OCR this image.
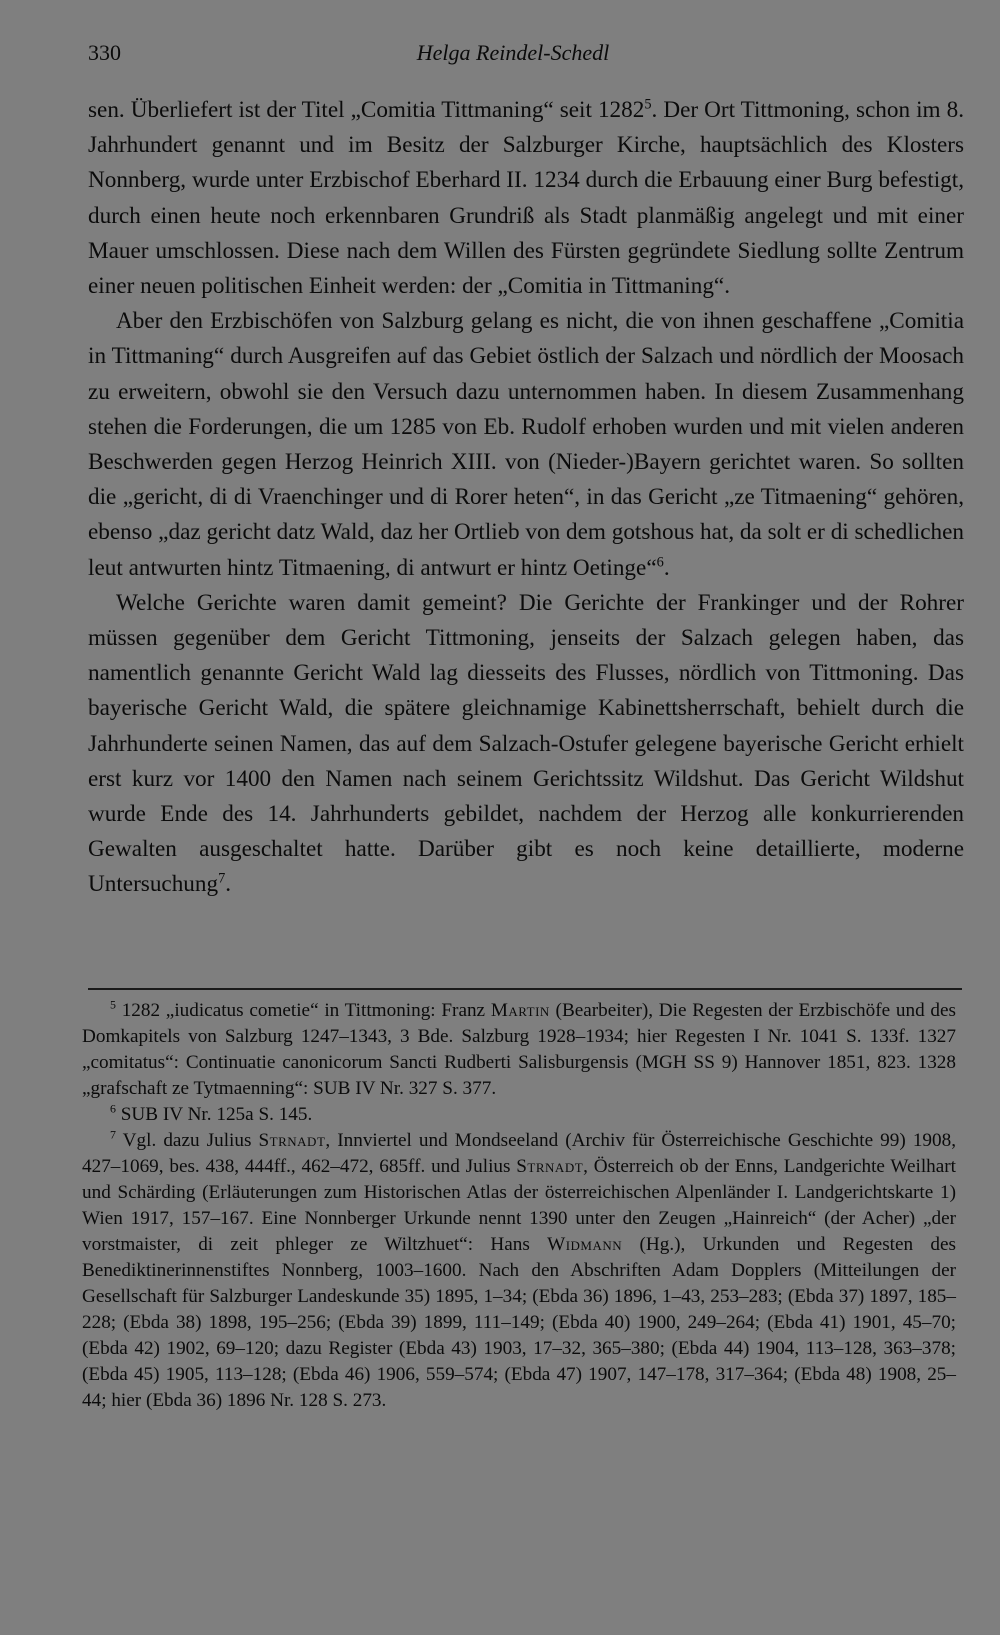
330	Helga Reindel-Schedl

sen. Überliefert ist der Titel „Comitia Tittmaning“ seit 1282$^5$. Der Ort Tittmoning, schon im 8. Jahrhundert genannt und im Besitz der Salzburger Kirche, hauptsächlich des Klosters Nonnberg, wurde unter Erzbischof Eberhard II. 1234 durch die Erbauung einer Burg befestigt, durch einen heute noch erkennbaren Grundriß als Stadt planmäßig angelegt und mit einer Mauer umschlossen. Diese nach dem Willen des Fürsten gegründete Siedlung sollte Zentrum einer neuen politischen Einheit werden: der „Comitia in Tittmaning“.

Aber den Erzbischöfen von Salzburg gelang es nicht, die von ihnen geschaffene „Comitia in Tittmaning“ durch Ausgreifen auf das Gebiet östlich der Salzach und nördlich der Moosach zu erweitern, obwohl sie den Versuch dazu unternommen haben. In diesem Zusammenhang stehen die Forderungen, die um 1285 von Eb. Rudolf erhoben wurden und mit vielen anderen Beschwerden gegen Herzog Heinrich XIII. von (Nieder-)Bayern gerichtet waren. So sollten die „gericht, di di Vraenchinger und di Rorer heten“, in das Gericht „ze Titmaening“ gehören, ebenso „daz gericht datz Wald, daz her Ortlieb von dem gotshous hat, da solt er di schedlichen leut antwurten hintz Titmaening, di antwurt er hintz Oetinge“$^6$.

Welche Gerichte waren damit gemeint? Die Gerichte der Frankinger und der Rohrer müssen gegenüber dem Gericht Tittmoning, jenseits der Salzach gelegen haben, das namentlich genannte Gericht Wald lag diesseits des Flusses, nördlich von Tittmoning. Das bayerische Gericht Wald, die spätere gleichnamige Kabinettsherrschaft, behielt durch die Jahrhunderte seinen Namen, das auf dem Salzach-Ostufer gelegene bayerische Gericht erhielt erst kurz vor 1400 den Namen nach seinem Gerichtssitz Wildshut. Das Gericht Wildshut wurde Ende des 14. Jahrhunderts gebildet, nachdem der Herzog alle konkurrierenden Gewalten ausgeschaltet hatte. Darüber gibt es noch keine detaillierte, moderne Untersuchung$^7$.

$^5$ 1282 „iudicatus cometie“ in Tittmoning: Franz Martin (Bearbeiter), Die Regesten der Erzbischöfe und des Domkapitels von Salzburg 1247–1343, 3 Bde. Salzburg 1928–1934; hier Regesten I Nr. 1041 S. 133f. 1327 „comitatus“: Continuatie canonicorum Sancti Rudberti Salisburgensis (MGH SS 9) Hannover 1851, 823. 1328 „grafschaft ze Tytmaenning“: SUB IV Nr. 327 S. 377.

$^6$ SUB IV Nr. 125a S. 145.

$^7$ Vgl. dazu Julius Strnadt, Innviertel und Mondseeland (Archiv für Österreichische Geschichte 99) 1908, 427–1069, bes. 438, 444ff., 462–472, 685ff. und Julius Strnadt, Österreich ob der Enns, Landgerichte Weilhart und Schärding (Erläuterungen zum Historischen Atlas der österreichischen Alpenländer I. Landgerichtskarte 1) Wien 1917, 157–167. Eine Nonnberger Urkunde nennt 1390 unter den Zeugen „Hainreich“ (der Acher) „der vorstmaister, di zeit phleger ze Wiltzhuet“: Hans Widmann (Hg.), Urkunden und Regesten des Benediktinerinnenstiftes Nonnberg, 1003–1600. Nach den Abschriften Adam Dopplers (Mitteilungen der Gesellschaft für Salzburger Landeskunde 35) 1895, 1–34; (Ebda 36) 1896, 1–43, 253–283; (Ebda 37) 1897, 185–228; (Ebda 38) 1898, 195–256; (Ebda 39) 1899, 111–149; (Ebda 40) 1900, 249–264; (Ebda 41) 1901, 45–70; (Ebda 42) 1902, 69–120; dazu Register (Ebda 43) 1903, 17–32, 365–380; (Ebda 44) 1904, 113–128, 363–378; (Ebda 45) 1905, 113–128; (Ebda 46) 1906, 559–574; (Ebda 47) 1907, 147–178, 317–364; (Ebda 48) 1908, 25–44; hier (Ebda 36) 1896 Nr. 128 S. 273.
